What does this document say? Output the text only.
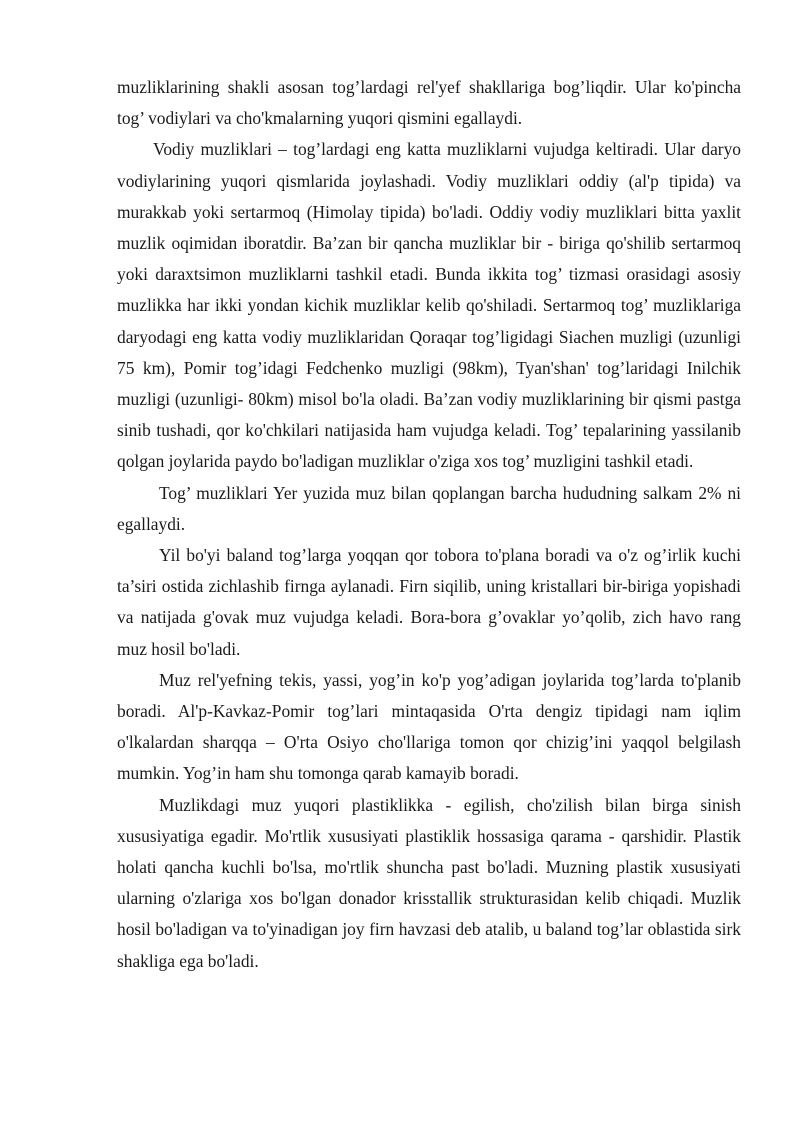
muzliklarining shakli asosan tog’lardagi rel'yef shakllariga bog’liqdir. Ular ko'pincha tog’ vodiylari va cho'kmalarning yuqori qismini egallaydi.

Vodiy muzliklari – tog’lardagi eng katta muzliklarni vujudga keltiradi. Ular daryo vodiylarining yuqori qismlarida joylashadi. Vodiy muzliklari oddiy (al'p tipida) va murakkab yoki sertarmoq (Himolay tipida) bo'ladi. Oddiy vodiy muzliklari bitta yaxlit muzlik oqimidan iboratdir. Ba’zan bir qancha muzliklar bir - biriga qo'shilib sertarmoq yoki daraxtsimon muzliklarni tashkil etadi. Bunda ikkita tog’ tizmasi orasidagi asosiy muzlikka har ikki yondan kichik muzliklar kelib qo'shiladi. Sertarmoq tog’ muzliklariga daryodagi eng katta vodiy muzliklaridan Qoraqar tog’ligidagi Siachen muzligi (uzunligi 75 km), Pomir tog’idagi Fedchenko muzligi (98km), Tyan'shan' tog’laridagi Inilchik muzligi (uzunligi- 80km) misol bo'la oladi. Ba’zan vodiy muzliklarining bir qismi pastga sinib tushadi, qor ko'chkilari natijasida ham vujudga keladi. Tog’ tepalarining yassilanib qolgan joylarida paydo bo'ladigan muzliklar o'ziga xos tog’ muzligini tashkil etadi.

Tog’ muzliklari Yer yuzida muz bilan qoplangan barcha hududning salkam 2% ni egallaydi.

Yil bo'yi baland tog’larga yoqqan qor tobora to'plana boradi va o'z og’irlik kuchi ta’siri ostida zichlashib firnga aylanadi. Firn siqilib, uning kristallari bir-biriga yopishadi va natijada g'ovak muz vujudga keladi. Bora-bora g’ovaklar yo’qolib, zich havo rang muz hosil bo'ladi.

Muz rel'yefning tekis, yassi, yog’in ko'p yog’adigan joylarida tog’larda to'planib boradi. Al'p-Kavkaz-Pomir tog’lari mintaqasida O'rta dengiz tipidagi nam iqlim o'lkalardan sharqqa – O'rta Osiyo cho'llariga tomon qor chizig’ini yaqqol belgilash mumkin. Yog’in ham shu tomonga qarab kamayib boradi.

Muzlikdagi muz yuqori plastiklikka - egilish, cho'zilish bilan birga sinish xususiyatiga egadir. Mo'rtlik xususiyati plastiklik hossasiga qarama - qarshidir. Plastik holati qancha kuchli bo'lsa, mo'rtlik shuncha past bo'ladi. Muzning plastik xususiyati ularning o'zlariga xos bo'lgan donador krisstallik strukturasidan kelib chiqadi. Muzlik hosil bo'ladigan va to'yinadigan joy firn havzasi deb atalib, u baland tog’lar oblastida sirk shakliga ega bo'ladi.
